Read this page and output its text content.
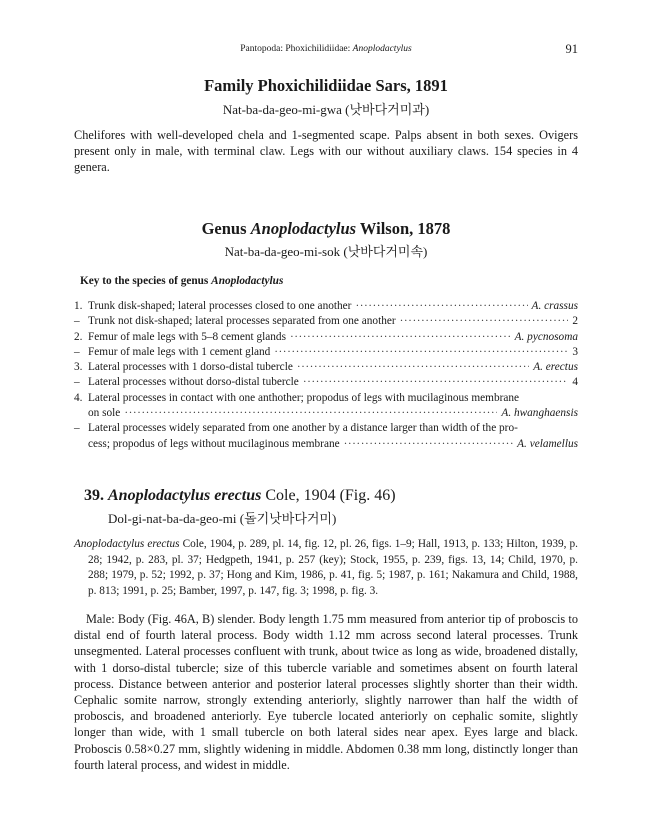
Pantopoda: Phoxichilidiidae: Anoplodactylus	91
Family Phoxichilidiidae Sars, 1891
Nat-ba-da-geo-mi-gwa (낫바다거미과)
Chelifores with well-developed chela and 1-segmented scape. Palps absent in both sexes. Ovigers present only in male, with terminal claw. Legs with our without auxiliary claws. 154 species in 4 genera.
Genus Anoplodactylus Wilson, 1878
Nat-ba-da-geo-mi-sok (낫바다거미속)
Key to the species of genus Anoplodactylus
1. Trunk disk-shaped; lateral processes closed to one another ·····	A. crassus
– Trunk not disk-shaped; lateral processes separated from one another ·····	2
2. Femur of male legs with 5–8 cement glands ·····	A. pycnosoma
– Femur of male legs with 1 cement gland ·····	3
3. Lateral processes with 1 dorso-distal tubercle ·····	A. erectus
– Lateral processes without dorso-distal tubercle ·····	4
4. Lateral processes in contact with one anthother; propodus of legs with mucilaginous membrane
on sole ·····	A. hwanghaensis
– Lateral processes widely separated from one another by a distance larger than width of the pro-
cess; propodus of legs without mucilaginous membrane ·····	A. velamellus
39. Anoplodactylus erectus Cole, 1904 (Fig. 46)
Dol-gi-nat-ba-da-geo-mi (돌기낫바다거미)
Anoplodactylus erectus Cole, 1904, p. 289, pl. 14, fig. 12, pl. 26, figs. 1–9; Hall, 1913, p. 133; Hilton, 1939, p. 28; 1942, p. 283, pl. 37; Hedgpeth, 1941, p. 257 (key); Stock, 1955, p. 239, figs. 13, 14; Child, 1970, p. 288; 1979, p. 52; 1992, p. 37; Hong and Kim, 1986, p. 41, fig. 5; 1987, p. 161; Nakamura and Child, 1988, p. 813; 1991, p. 25; Bamber, 1997, p. 147, fig. 3; 1998, p. fig. 3.
Male: Body (Fig. 46A, B) slender. Body length 1.75 mm measured from anterior tip of proboscis to distal end of fourth lateral process. Body width 1.12 mm across second lateral processes. Trunk unsegmented. Lateral processes confluent with trunk, about twice as long as wide, broadened distally, with 1 dorso-distal tubercle; size of this tubercle variable and sometimes absent on fourth lateral process. Distance between anterior and posterior lateral processes slightly shorter than their width. Cephalic somite narrow, strongly extending anteriorly, slightly narrower than half the width of proboscis, and broadened anteriorly. Eye tubercle located anteriorly on cephalic somite, slightly longer than wide, with 1 small tubercle on both lateral sides near apex. Eyes large and black. Proboscis 0.58×0.27 mm, slightly widening in middle. Abdomen 0.38 mm long, distinctly longer than fourth lateral process, and widest in middle.
